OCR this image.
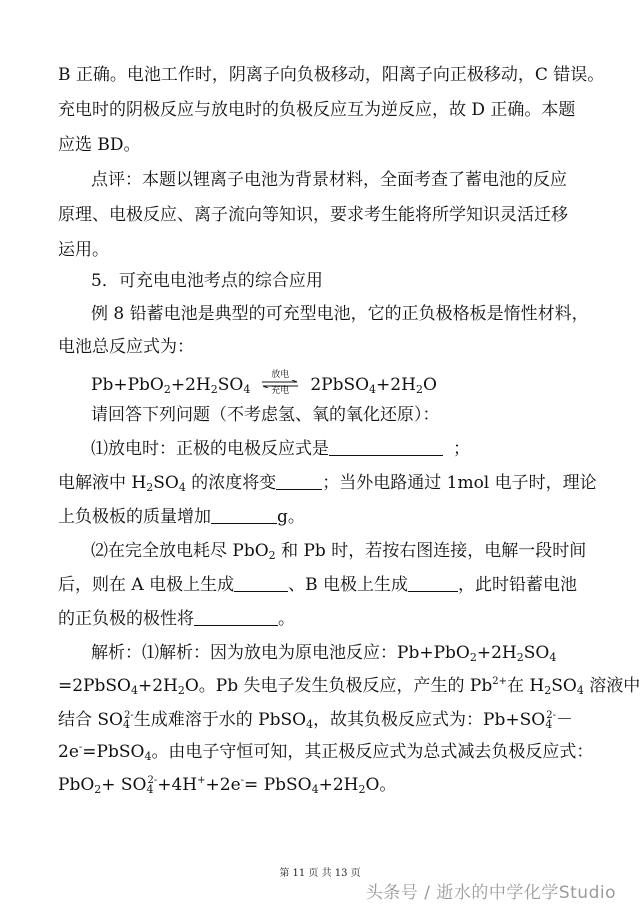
B 正确。电池工作时，阴离子向负极移动，阳离子向正极移动，C 错误。
充电时的阴极反应与放电时的负极反应互为逆反应，故 D 正确。本题
应选 BD。
点评：本题以锂离子电池为背景材料，全面考查了蓄电池的反应
原理、电极反应、离子流向等知识，要求考生能将所学知识灵活迁移
运用。
5．可充电电池考点的综合应用
例 8 铅蓄电池是典型的可充型电池，它的正负极格板是惰性材料，
电池总反应式为：
$Pb+PbO_2+2H_2SO_4$
放电
充电	$2PbSO_4+2H_2O$
请回答下列问题（不考虑氢、氧的氧化还原）：
⑴放电时：正极的电极反应式是	；
电解液中 $H_2SO_4$ 的浓度将变	；当外电路通过 1mol 电子时，理论
上负极板的质量增加	g。
⑵在完全放电耗尽 PbO$_2$ 和 Pb 时，若按右图连接，电解一段时间
后，则在 A 电极上生成	、B 电极上生成	，此时铅蓄电池
的正负极的极性将	。
解析：⑴解析：因为放电为原电池反应：$Pb+PbO_2+2H_2SO_4$
$=2PbSO_4+2H_2O$。Pb 失电子发生负极反应，产生的 $Pb^{2+}$在 $H_2SO_4$ 溶液中
结合 $SO_4^{2-}$生成难溶于水的 PbSO$_4$，故其负极反应式为：$Pb+SO_4^{2-}-$
2e-=PbSO$_4$。由电子守恒可知，其正极反应式为总式减去负极反应式：
$PbO_2+ SO_4^{2-}+4H^++2e^-=$ $PbSO_4+2H_2O$。
第 11 页 共 13 页
头条号 / 逝水的中学化学Studio
